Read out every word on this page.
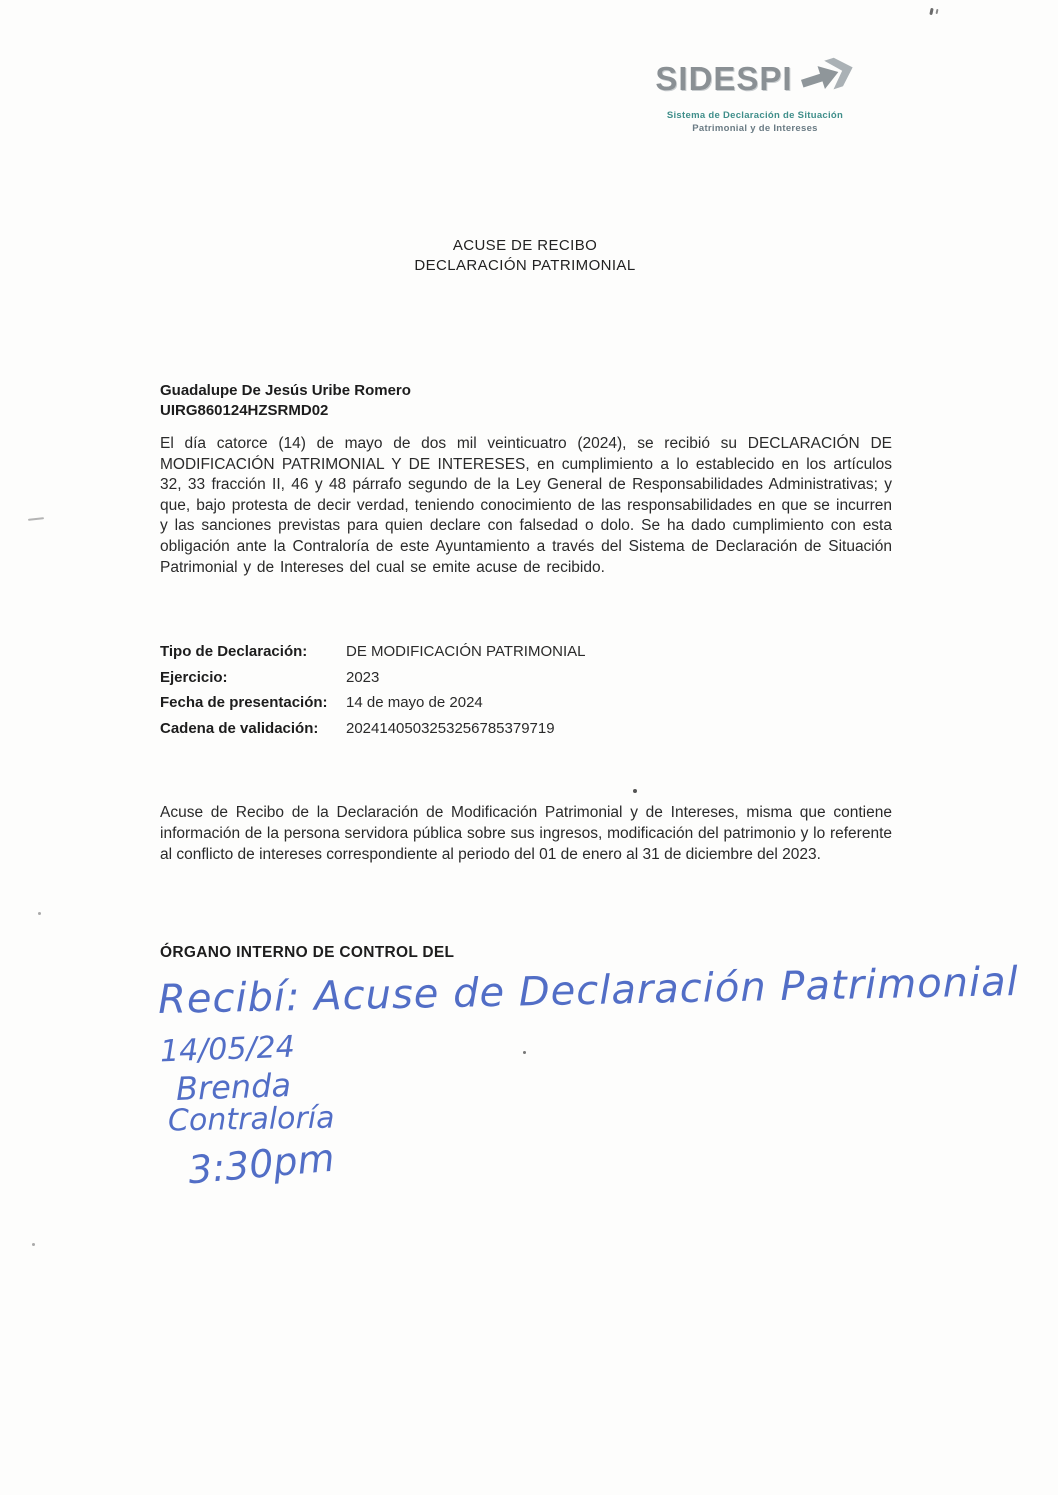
SIDESPI
Sistema de Declaración de Situación
Patrimonial y de Intereses
ACUSE DE RECIBO
DECLARACIÓN PATRIMONIAL
Guadalupe De Jesús Uribe Romero
UIRG860124HZSRMD02
El día catorce (14) de mayo de dos mil veinticuatro (2024), se recibió su DECLARACIÓN DE MODIFICACIÓN PATRIMONIAL Y DE INTERESES, en cumplimiento a lo establecido en los artículos 32, 33 fracción II, 46 y 48 párrafo segundo de la Ley General de Responsabilidades Administrativas; y que, bajo protesta de decir verdad, teniendo conocimiento de las responsabilidades en que se incurren y las sanciones previstas para quien declare con falsedad o dolo. Se ha dado cumplimiento con esta obligación ante la Contraloría de este Ayuntamiento a través del Sistema de Declaración de Situación Patrimonial y de Intereses del cual se emite acuse de recibido.
Tipo de Declaración:	DE MODIFICACIÓN PATRIMONIAL
Ejercicio:	2023
Fecha de presentación:	14 de mayo de 2024
Cadena de validación:	2024140503253256785379719
Acuse de Recibo de la Declaración de Modificación Patrimonial y de Intereses, misma que contiene información de la persona servidora pública sobre sus ingresos, modificación del patrimonio y lo referente al conflicto de intereses correspondiente al periodo del 01 de enero al 31 de diciembre del 2023.
ÓRGANO INTERNO DE CONTROL DEL
Recibí: Acuse de Declaración Patrimonial
14/05/24
Brenda
Contraloría
3:30pm
